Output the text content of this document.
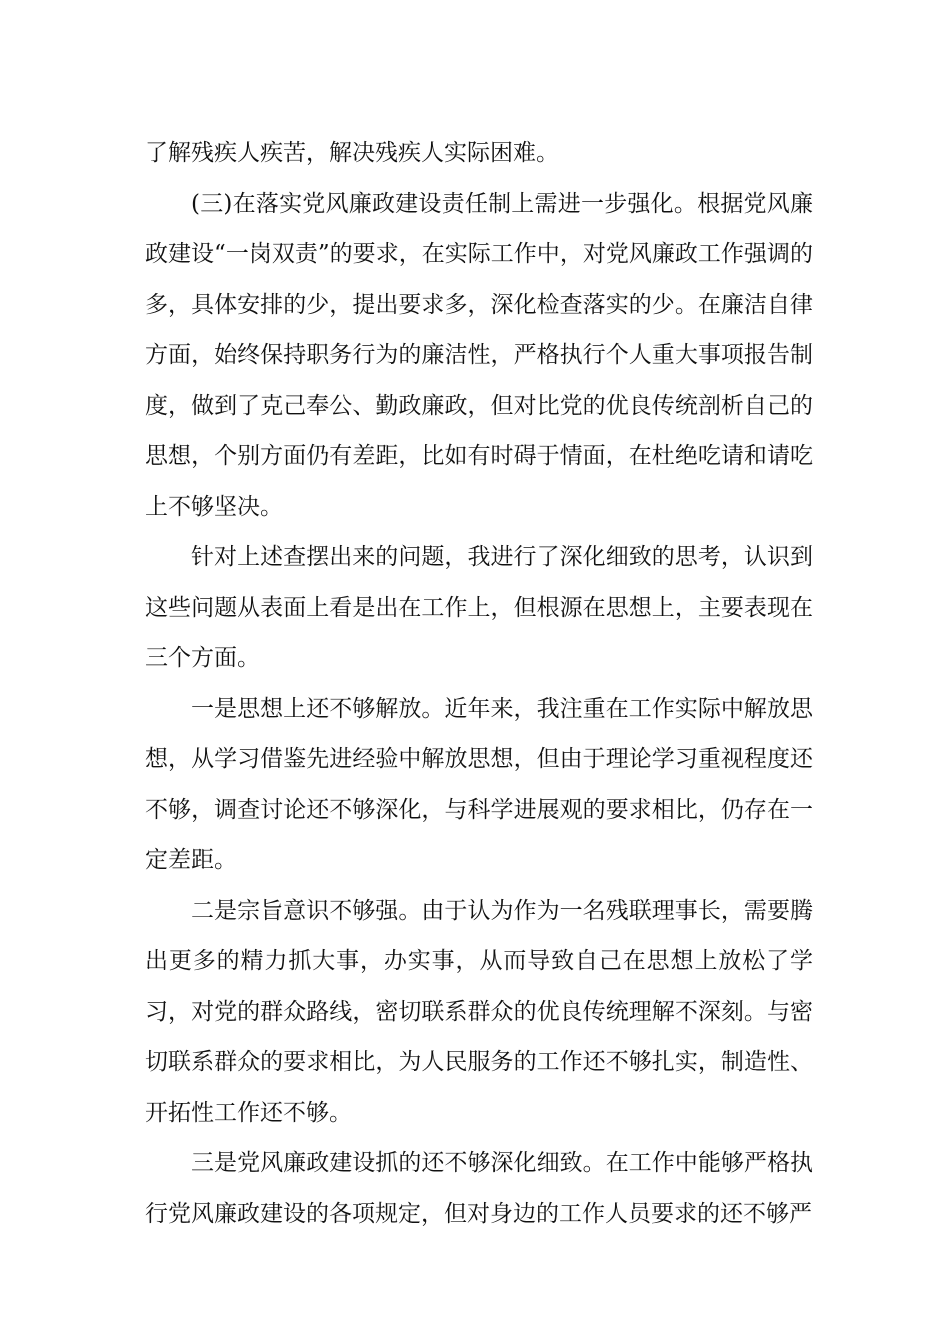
了解残疾人疾苦，解决残疾人实际困难。

(三)在落实党风廉政建设责任制上需进一步强化。根据党风廉政建设“一岗双责”的要求，在实际工作中，对党风廉政工作强调的多，具体安排的少，提出要求多，深化检查落实的少。在廉洁自律方面，始终保持职务行为的廉洁性，严格执行个人重大事项报告制度，做到了克己奉公、勤政廉政，但对比党的优良传统剖析自己的思想，个别方面仍有差距，比如有时碍于情面，在杜绝吃请和请吃上不够坚决。

针对上述查摆出来的问题，我进行了深化细致的思考，认识到这些问题从表面上看是出在工作上，但根源在思想上，主要表现在三个方面。

一是思想上还不够解放。近年来，我注重在工作实际中解放思想，从学习借鉴先进经验中解放思想，但由于理论学习重视程度还不够，调查讨论还不够深化，与科学进展观的要求相比，仍存在一定差距。

二是宗旨意识不够强。由于认为作为一名残联理事长，需要腾出更多的精力抓大事，办实事，从而导致自己在思想上放松了学习，对党的群众路线，密切联系群众的优良传统理解不深刻。与密切联系群众的要求相比，为人民服务的工作还不够扎实，制造性、开拓性工作还不够。

三是党风廉政建设抓的还不够深化细致。在工作中能够严格执行党风廉政建设的各项规定，但对身边的工作人员要求的还不够严
